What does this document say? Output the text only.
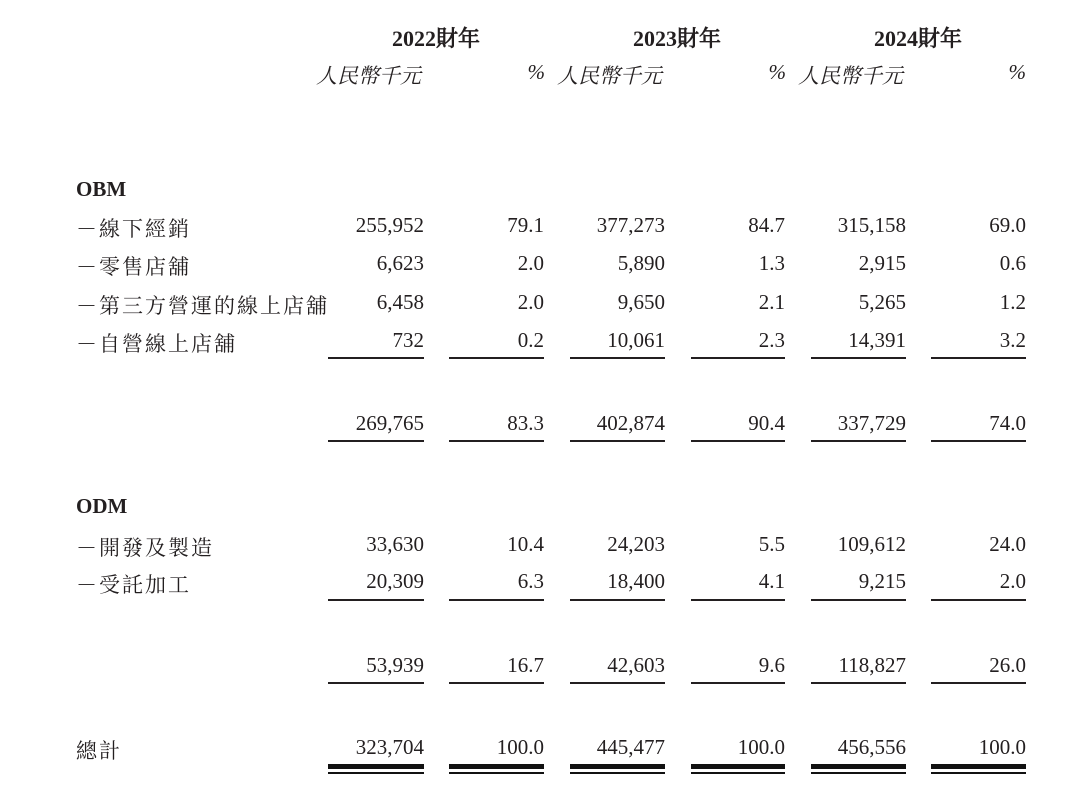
2022財年	2023財年	2024財年
人民幣千元	% 人民幣千元	% 人民幣千元	%
OBM
－線下經銷	255,952	79.1	377,273	84.7	315,158	69.0
－零售店舖	6,623	2.0	5,890	1.3	2,915	0.6
－第三方營運的線上店舖	6,458	2.0	9,650	2.1	5,265	1.2
－自營線上店舖	732	0.2	10,061	2.3	14,391	3.2
269,765	83.3	402,874	90.4	337,729	74.0
ODM
－開發及製造	33,630	10.4	24,203	5.5	109,612	24.0
－受託加工	20,309	6.3	18,400	4.1	9,215	2.0
53,939	16.7	42,603	9.6	118,827	26.0
總計	323,704	100.0	445,477	100.0	456,556	100.0
